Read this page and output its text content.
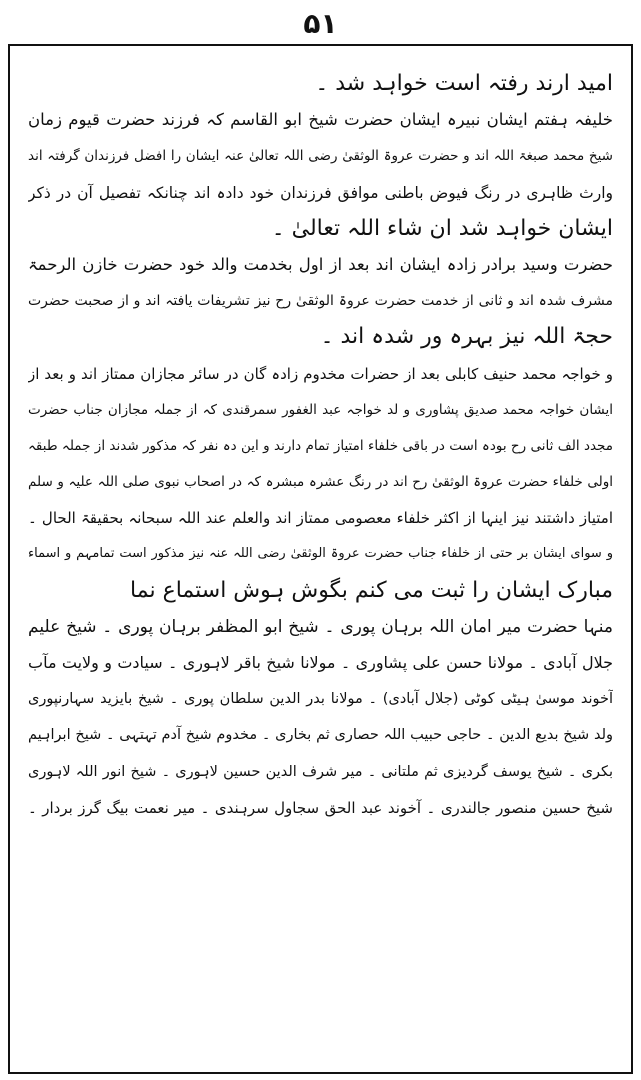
۵۱
امید ارند رفتہ است خواہد شد ۔
خلیفہ ہفتم ایشان نبیرہ ایشان حضرت شیخ ابو القاسم کہ فرزند حضرت قیوم زمان
شیخ محمد صبغۃ اللہ اند و حضرت عروۃ الوثقیٰ رضی اللہ تعالیٰ عنہ ایشان را افضل فرزندان گرفتہ اند
وارث ظاہری در رنگ فیوض باطنی موافق فرزندان خود دادہ اند چنانکہ تفصیل آن در ذکر
ایشان خواہد شد ان شاء اللہ تعالیٰ ۔
حضرت وسید برادر زادہ ایشان اند بعد از اول بخدمت والد خود حضرت خازن الرحمۃ
مشرف شدہ اند و ثانی از خدمت حضرت عروۃ الوثقیٰ رح نیز تشریفات یافتہ اند و از صحبت حضرت
حجۃ اللہ نیز بہرہ ور شدہ اند ۔
و خواجہ محمد حنیف کابلی بعد از حضرات مخدوم زادہ گان در سائر مجازان ممتاز اند و بعد از
ایشان خواجہ محمد صدیق پشاوری و لد خواجہ عبد الغفور سمرقندی کہ از جملہ مجازان جناب حضرت
مجدد الف ثانی رح بودہ است در باقی خلفاء امتیاز تمام دارند و این دہ نفر کہ مذکور شدند از جملہ طبقہ
اولی خلفاء حضرت عروۃ الوثقیٰ رح اند در رنگ عشرہ مبشرہ کہ در اصحاب نبوی صلی اللہ علیہ و سلم
امتیاز داشتند نیز اینہا از اکثر خلفاء معصومی ممتاز اند والعلم عند اللہ سبحانہ بحقیقۃ الحال ۔
و سوای ایشان بر حتی از خلفاء جناب حضرت عروۃ الوثقیٰ رضی اللہ عنہ نیز مذکور است تمامہم و اسماء
مبارک ایشان را ثبت می کنم بگوش ہوش استماع نما
منہا حضرت میر امان اللہ برہان پوری ۔ شیخ ابو المظفر برہان پوری ۔ شیخ علیم
جلال آبادی ۔ مولانا حسن علی پشاوری ۔ مولانا شیخ باقر لاہوری ۔ سیادت و ولایت مآب
آخوند موسیٰ ہیٹی کوٹی (جلال آبادی) ۔ مولانا بدر الدین سلطان پوری ۔ شیخ بایزید سہارنپوری
ولد شیخ بدیع الدین ۔ حاجی حبیب اللہ حصاری ثم بخاری ۔ مخدوم شیخ آدم تہتہی ۔ شیخ ابراہیم
بکری ۔ شیخ یوسف گردیزی ثم ملتانی ۔ میر شرف الدین حسین لاہوری ۔ شیخ انور اللہ لاہوری
شیخ حسین منصور جالندری ۔ آخوند عبد الحق سجاول سرہندی ۔ میر نعمت بیگ گرز بردار ۔
